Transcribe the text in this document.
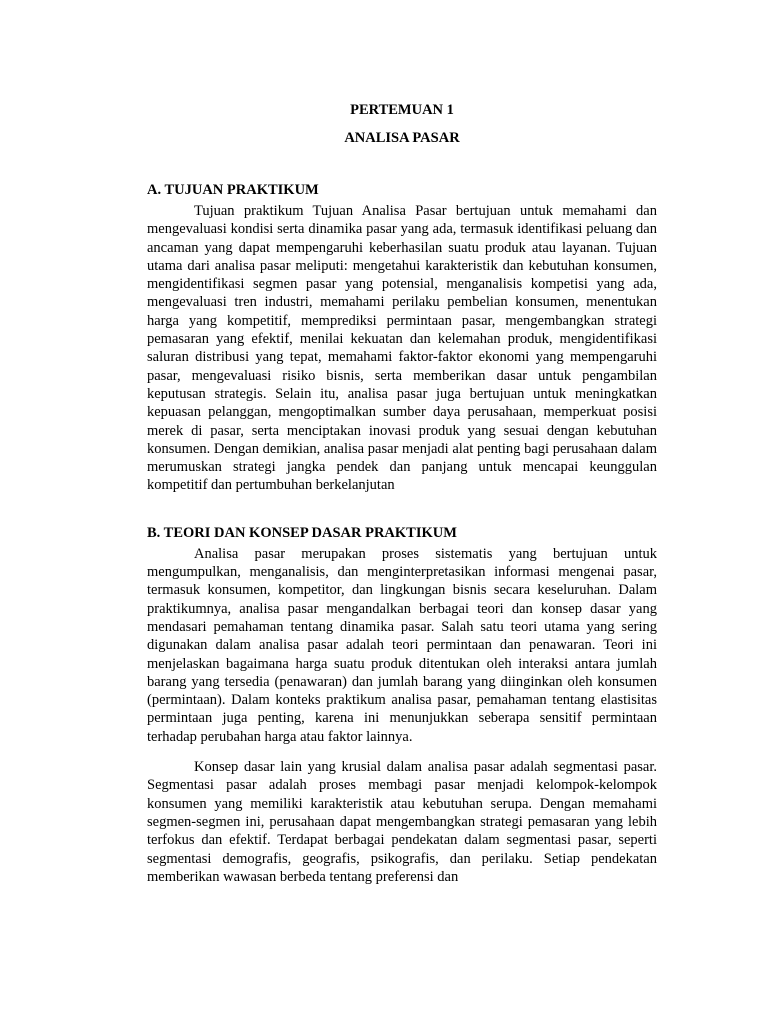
PERTEMUAN 1

ANALISA PASAR

A. TUJUAN PRAKTIKUM

Tujuan praktikum Tujuan Analisa Pasar bertujuan untuk memahami dan mengevaluasi kondisi serta dinamika pasar yang ada, termasuk identifikasi peluang dan ancaman yang dapat mempengaruhi keberhasilan suatu produk atau layanan. Tujuan utama dari analisa pasar meliputi: mengetahui karakteristik dan kebutuhan konsumen, mengidentifikasi segmen pasar yang potensial, menganalisis kompetisi yang ada, mengevaluasi tren industri, memahami perilaku pembelian konsumen, menentukan harga yang kompetitif, memprediksi permintaan pasar, mengembangkan strategi pemasaran yang efektif, menilai kekuatan dan kelemahan produk, mengidentifikasi saluran distribusi yang tepat, memahami faktor-faktor ekonomi yang mempengaruhi pasar, mengevaluasi risiko bisnis, serta memberikan dasar untuk pengambilan keputusan strategis. Selain itu, analisa pasar juga bertujuan untuk meningkatkan kepuasan pelanggan, mengoptimalkan sumber daya perusahaan, memperkuat posisi merek di pasar, serta menciptakan inovasi produk yang sesuai dengan kebutuhan konsumen. Dengan demikian, analisa pasar menjadi alat penting bagi perusahaan dalam merumuskan strategi jangka pendek dan panjang untuk mencapai keunggulan kompetitif dan pertumbuhan berkelanjutan

B. TEORI DAN KONSEP DASAR PRAKTIKUM

Analisa pasar merupakan proses sistematis yang bertujuan untuk mengumpulkan, menganalisis, dan menginterpretasikan informasi mengenai pasar, termasuk konsumen, kompetitor, dan lingkungan bisnis secara keseluruhan. Dalam praktikumnya, analisa pasar mengandalkan berbagai teori dan konsep dasar yang mendasari pemahaman tentang dinamika pasar. Salah satu teori utama yang sering digunakan dalam analisa pasar adalah teori permintaan dan penawaran. Teori ini menjelaskan bagaimana harga suatu produk ditentukan oleh interaksi antara jumlah barang yang tersedia (penawaran) dan jumlah barang yang diinginkan oleh konsumen (permintaan). Dalam konteks praktikum analisa pasar, pemahaman tentang elastisitas permintaan juga penting, karena ini menunjukkan seberapa sensitif permintaan terhadap perubahan harga atau faktor lainnya.

Konsep dasar lain yang krusial dalam analisa pasar adalah segmentasi pasar. Segmentasi pasar adalah proses membagi pasar menjadi kelompok-kelompok konsumen yang memiliki karakteristik atau kebutuhan serupa. Dengan memahami segmen-segmen ini, perusahaan dapat mengembangkan strategi pemasaran yang lebih terfokus dan efektif. Terdapat berbagai pendekatan dalam segmentasi pasar, seperti segmentasi demografis, geografis, psikografis, dan perilaku. Setiap pendekatan memberikan wawasan berbeda tentang preferensi dan
